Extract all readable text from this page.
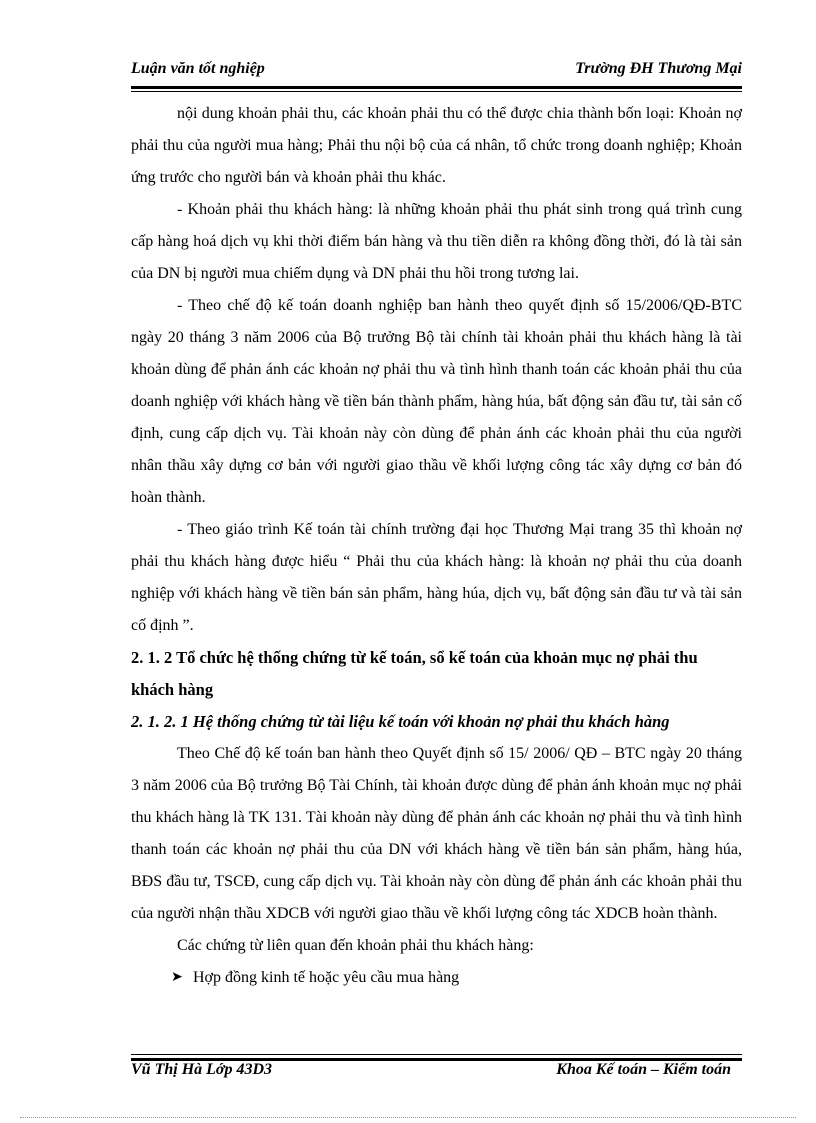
Luận văn tốt nghiệp	Trường ĐH Thương Mại

nội dung khoản phải thu, các khoản phải thu có thể được chia thành bốn loại: Khoản nợ phải thu của người mua hàng; Phải thu nội bộ của cá nhân, tổ chức trong doanh nghiệp; Khoản ứng trước cho người bán và khoản phải thu khác.

- Khoản phải thu khách hàng: là những khoản phải thu phát sinh trong quá trình cung cấp hàng hoá dịch vụ khi thời điểm bán hàng và thu tiền diễn ra không đồng thời, đó là tài sản của DN bị người mua chiếm dụng và DN phải thu hồi trong tương lai.

- Theo chế độ kế toán doanh nghiệp ban hành theo quyết định số 15/2006/QĐ-BTC ngày 20 tháng 3 năm 2006 của Bộ trưởng Bộ tài chính tài khoản phải thu khách hàng là tài khoản dùng để phản ánh các khoản nợ phải thu và tình hình thanh toán các khoản phải thu của doanh nghiệp với khách hàng về tiền bán thành phẩm, hàng húa, bất động sản đầu tư, tài sản cố định, cung cấp dịch vụ. Tài khoản này còn dùng để phản ánh các khoản phải thu của người nhân thầu xây dựng cơ bản với người giao thầu về khối lượng công tác xây dựng cơ bản đó hoàn thành.

- Theo giáo trình Kế toán tài chính trường đại học Thương Mại trang 35 thì khoản nợ phải thu khách hàng được hiểu “ Phải thu của khách hàng: là khoản nợ phải thu của doanh nghiệp với khách hàng về tiền bán sản phẩm, hàng húa, dịch vụ, bất động sản đầu tư và tài sản cố định ”.

2. 1. 2 Tổ chức hệ thống chứng từ kế toán, sổ kế toán của khoản mục nợ phải thu khách hàng

2. 1. 2. 1 Hệ thống chứng từ tài liệu kế toán với khoản nợ phải thu khách hàng

Theo Chế độ kế toán ban hành theo Quyết định số 15/ 2006/ QĐ – BTC ngày 20 tháng 3 năm 2006 của Bộ trưởng Bộ Tài Chính, tài khoản được dùng để phản ánh khoản mục nợ phải thu khách hàng là TK 131. Tài khoản này dùng để phản ánh các khoản nợ phải thu và tình hình thanh toán các khoản nợ phải thu của DN với khách hàng về tiền bán sản phẩm, hàng húa, BĐS đầu tư, TSCĐ, cung cấp dịch vụ. Tài khoản này còn dùng để phản ánh các khoản phải thu của người nhận thầu XDCB với người giao thầu về khối lượng công tác XDCB hoàn thành.

Các chứng từ liên quan đến khoản phải thu khách hàng:

➤ Hợp đồng kinh tế hoặc yêu cầu mua hàng

Vũ Thị Hà Lớp 43D3	Khoa Kế toán – Kiểm toán
